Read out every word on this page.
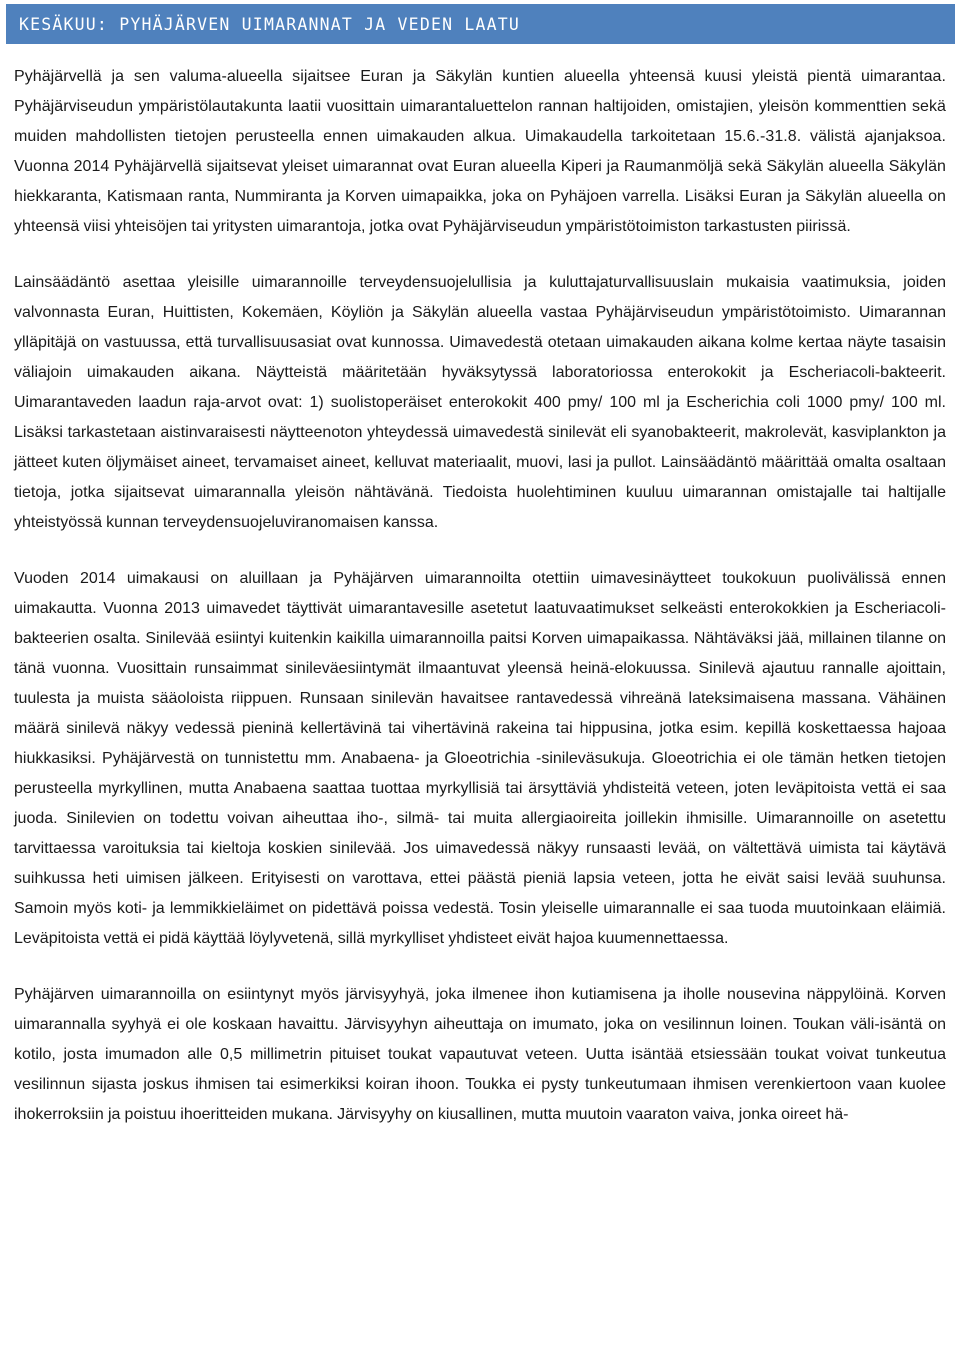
KESÄKUU: PYHÄJÄRVEN UIMARANNAT JA VEDEN LAATU

Pyhäjärvellä ja sen valuma-alueella sijaitsee Euran ja Säkylän kuntien alueella yhteensä kuusi yleistä pientä uimarantaa. Pyhäjärviseudun ympäristölautakunta laatii vuosittain uimarantaluettelon rannan haltijoiden, omistajien, yleisön kommenttien sekä muiden mahdollisten tietojen perusteella ennen uimakauden alkua. Uimakaudella tarkoitetaan 15.6.-31.8. välistä ajanjaksoa. Vuonna 2014 Pyhäjärvellä sijaitsevat yleiset uimarannat ovat Euran alueella Kiperi ja Raumanmöljä sekä Säkylän alueella Säkylän hiekkaranta, Katismaan ranta, Nummiranta ja Korven uimapaikka, joka on Pyhäjoen varrella. Lisäksi Euran ja Säkylän alueella on yhteensä viisi yhteisöjen tai yritysten uimarantoja, jotka ovat Pyhäjärviseudun ympäristötoimiston tarkastusten piirissä.

Lainsäädäntö asettaa yleisille uimarannoille terveydensuojelullisia ja kuluttajaturvallisuuslain mukaisia vaatimuksia, joiden valvonnasta Euran, Huittisten, Kokemäen, Köyliön ja Säkylän alueella vastaa Pyhäjärviseudun ympäristötoimisto. Uimarannan ylläpitäjä on vastuussa, että turvallisuusasiat ovat kunnossa. Uimavedestä otetaan uimakauden aikana kolme kertaa näyte tasaisin väliajoin uimakauden aikana. Näytteistä määritetään hyväksytyssä laboratoriossa enterokokit ja Escheriacoli-bakteerit. Uimarantaveden laadun raja-arvot ovat: 1) suolistoperäiset enterokokit 400 pmy/ 100 ml ja Escherichia coli 1000 pmy/ 100 ml. Lisäksi tarkastetaan aistinvaraisesti näytteenoton yhteydessä uimavedestä sinilevät eli syanobakteerit, makrolevät, kasviplankton ja jätteet kuten öljymäiset aineet, tervamaiset aineet, kelluvat materiaalit, muovi, lasi ja pullot. Lainsäädäntö määrittää omalta osaltaan tietoja, jotka sijaitsevat uimarannalla yleisön nähtävänä. Tiedoista huolehtiminen kuuluu uimarannan omistajalle tai haltijalle yhteistyössä kunnan terveydensuojeluviranomaisen kanssa.

Vuoden 2014 uimakausi on aluillaan ja Pyhäjärven uimarannoilta otettiin uimavesinäytteet toukokuun puolivälissä ennen uimakautta. Vuonna 2013 uimavedet täyttivät uimarantavesille asetetut laatuvaatimukset selkeästi enterokokkien ja Escheriacoli-bakteerien osalta. Sinilevää esiintyi kuitenkin kaikilla uimarannoilla paitsi Korven uimapaikassa. Nähtäväksi jää, millainen tilanne on tänä vuonna. Vuosittain runsaimmat sinileväesiintymät ilmaantuvat yleensä heinä-elokuussa. Sinilevä ajautuu rannalle ajoittain, tuulesta ja muista sääoloista riippuen. Runsaan sinilevän havaitsee rantavedessä vihreänä lateksimaisena massana. Vähäinen määrä sinilevä näkyy vedessä pieninä kellertävinä tai vihertävinä rakeina tai hippusina, jotka esim. kepillä koskettaessa hajoaa hiukkasiksi. Pyhäjärvestä on tunnistettu mm. Anabaena- ja Gloeotrichia -sinileväsukuja. Gloeotrichia ei ole tämän hetken tietojen perusteella myrkyllinen, mutta Anabaena saattaa tuottaa myrkyllisiä tai ärsyttäviä yhdisteitä veteen, joten leväpitoista vettä ei saa juoda. Sinilevien on todettu voivan aiheuttaa iho-, silmä- tai muita allergiaoireita joillekin ihmisille. Uimarannoille on asetettu tarvittaessa varoituksia tai kieltoja koskien sinilevää. Jos uimavedessä näkyy runsaasti levää, on vältettävä uimista tai käytävä suihkussa heti uimisen jälkeen. Erityisesti on varottava, ettei päästä pieniä lapsia veteen, jotta he eivät saisi levää suuhunsa. Samoin myös koti- ja lemmikkieläimet on pidettävä poissa vedestä. Tosin yleiselle uimarannalle ei saa tuoda muutoinkaan eläimiä. Leväpitoista vettä ei pidä käyttää löylyvetenä, sillä myrkylliset yhdisteet eivät hajoa kuumennettaessa.

Pyhäjärven uimarannoilla on esiintynyt myös järvisyyhyä, joka ilmenee ihon kutiamisena ja iholle nousevina näppylöinä. Korven uimarannalla syyhyä ei ole koskaan havaittu. Järvisyyhyn aiheuttaja on imumato, joka on vesilinnun loinen. Toukan väli-isäntä on kotilo, josta imumadon alle 0,5 millimetrin pituiset toukat vapautuvat veteen. Uutta isäntää etsiessään toukat voivat tunkeutua vesilinnun sijasta joskus ihmisen tai esimerkiksi koiran ihoon. Toukka ei pysty tunkeutumaan ihmisen verenkiertoon vaan kuolee ihokerroksiin ja poistuu ihoeritteiden mukana. Järvisyyhy on kiusallinen, mutta muutoin vaaraton vaiva, jonka oireet hä-
